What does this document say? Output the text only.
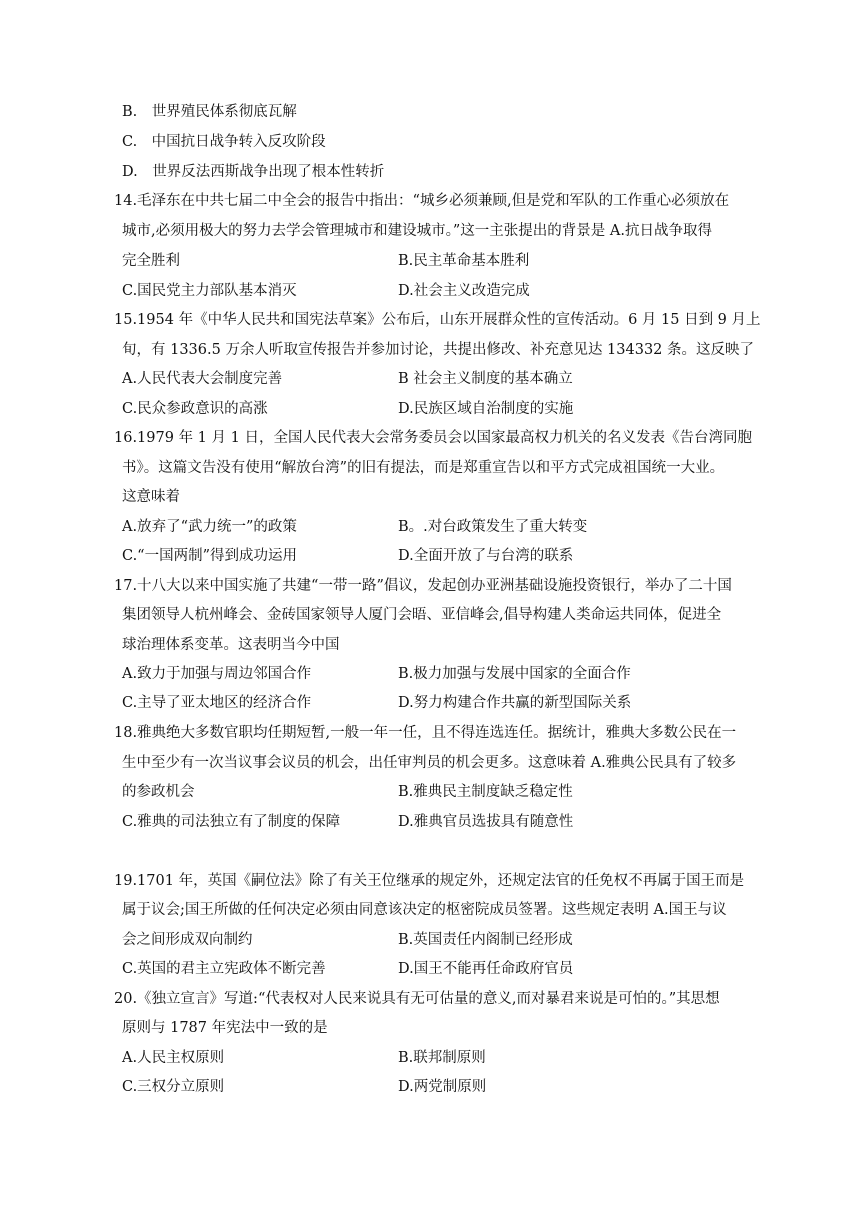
B.　世界殖民体系彻底瓦解
C.　中国抗日战争转入反攻阶段
D.　世界反法西斯战争出现了根本性转折
14.毛泽东在中共七届二中全会的报告中指出：“城乡必须兼顾,但是党和军队的工作重心必须放在
城市,必须用极大的努力去学会管理城市和建设城市。”这一主张提出的背景是 A.抗日战争取得
完全胜利	B.民主革命基本胜利
C.国民党主力部队基本消灭	D.社会主义改造完成
15.1954 年《中华人民共和国宪法草案》公布后，山东开展群众性的宣传活动。6 月 15 日到 9 月上
旬，有 1336.5 万余人听取宣传报告并参加讨论，共提出修改、补充意见达 134332 条。这反映了
A.人民代表大会制度完善	B 社会主义制度的基本确立
C.民众参政意识的高涨	D.民族区域自治制度的实施
16.1979 年 1 月 1 日，全国人民代表大会常务委员会以国家最高权力机关的名义发表《告台湾同胞
书》。这篇文告没有使用“解放台湾”的旧有提法，而是郑重宣告以和平方式完成祖国统一大业。
这意味着
A.放弃了“武力统一”的政策	B。.对台政策发生了重大转变
C.“一国两制”得到成功运用	D.全面开放了与台湾的联系
17.十八大以来中国实施了共建“一带一路”倡议，发起创办亚洲基础设施投资银行，举办了二十国
集团领导人杭州峰会、金砖国家领导人厦门会晤、亚信峰会,倡导构建人类命运共同体，促进全
球治理体系变革。这表明当今中国
A.致力于加强与周边邻国合作	B.极力加强与发展中国家的全面合作
C.主导了亚太地区的经济合作	D.努力构建合作共赢的新型国际关系
18.雅典绝大多数官职均任期短暂,一般一年一任，且不得连选连任。据统计，雅典大多数公民在一
生中至少有一次当议事会议员的机会，出任审判员的机会更多。这意味着 A.雅典公民具有了较多
的参政机会	B.雅典民主制度缺乏稳定性
C.雅典的司法独立有了制度的保障	D.雅典官员选拔具有随意性
19.1701 年，英国《嗣位法》除了有关王位继承的规定外，还规定法官的任免权不再属于国王而是
属于议会;国王所做的任何决定必须由同意该决定的枢密院成员签署。这些规定表明 A.国王与议
会之间形成双向制约	B.英国责任内阁制已经形成
C.英国的君主立宪政体不断完善	D.国王不能再任命政府官员
20.《独立宣言》写道:“代表权对人民来说具有无可估量的意义,而对暴君来说是可怕的。”其思想
原则与 1787 年宪法中一致的是
A.人民主权原则	B.联邦制原则
C.三权分立原则	D.两党制原则
